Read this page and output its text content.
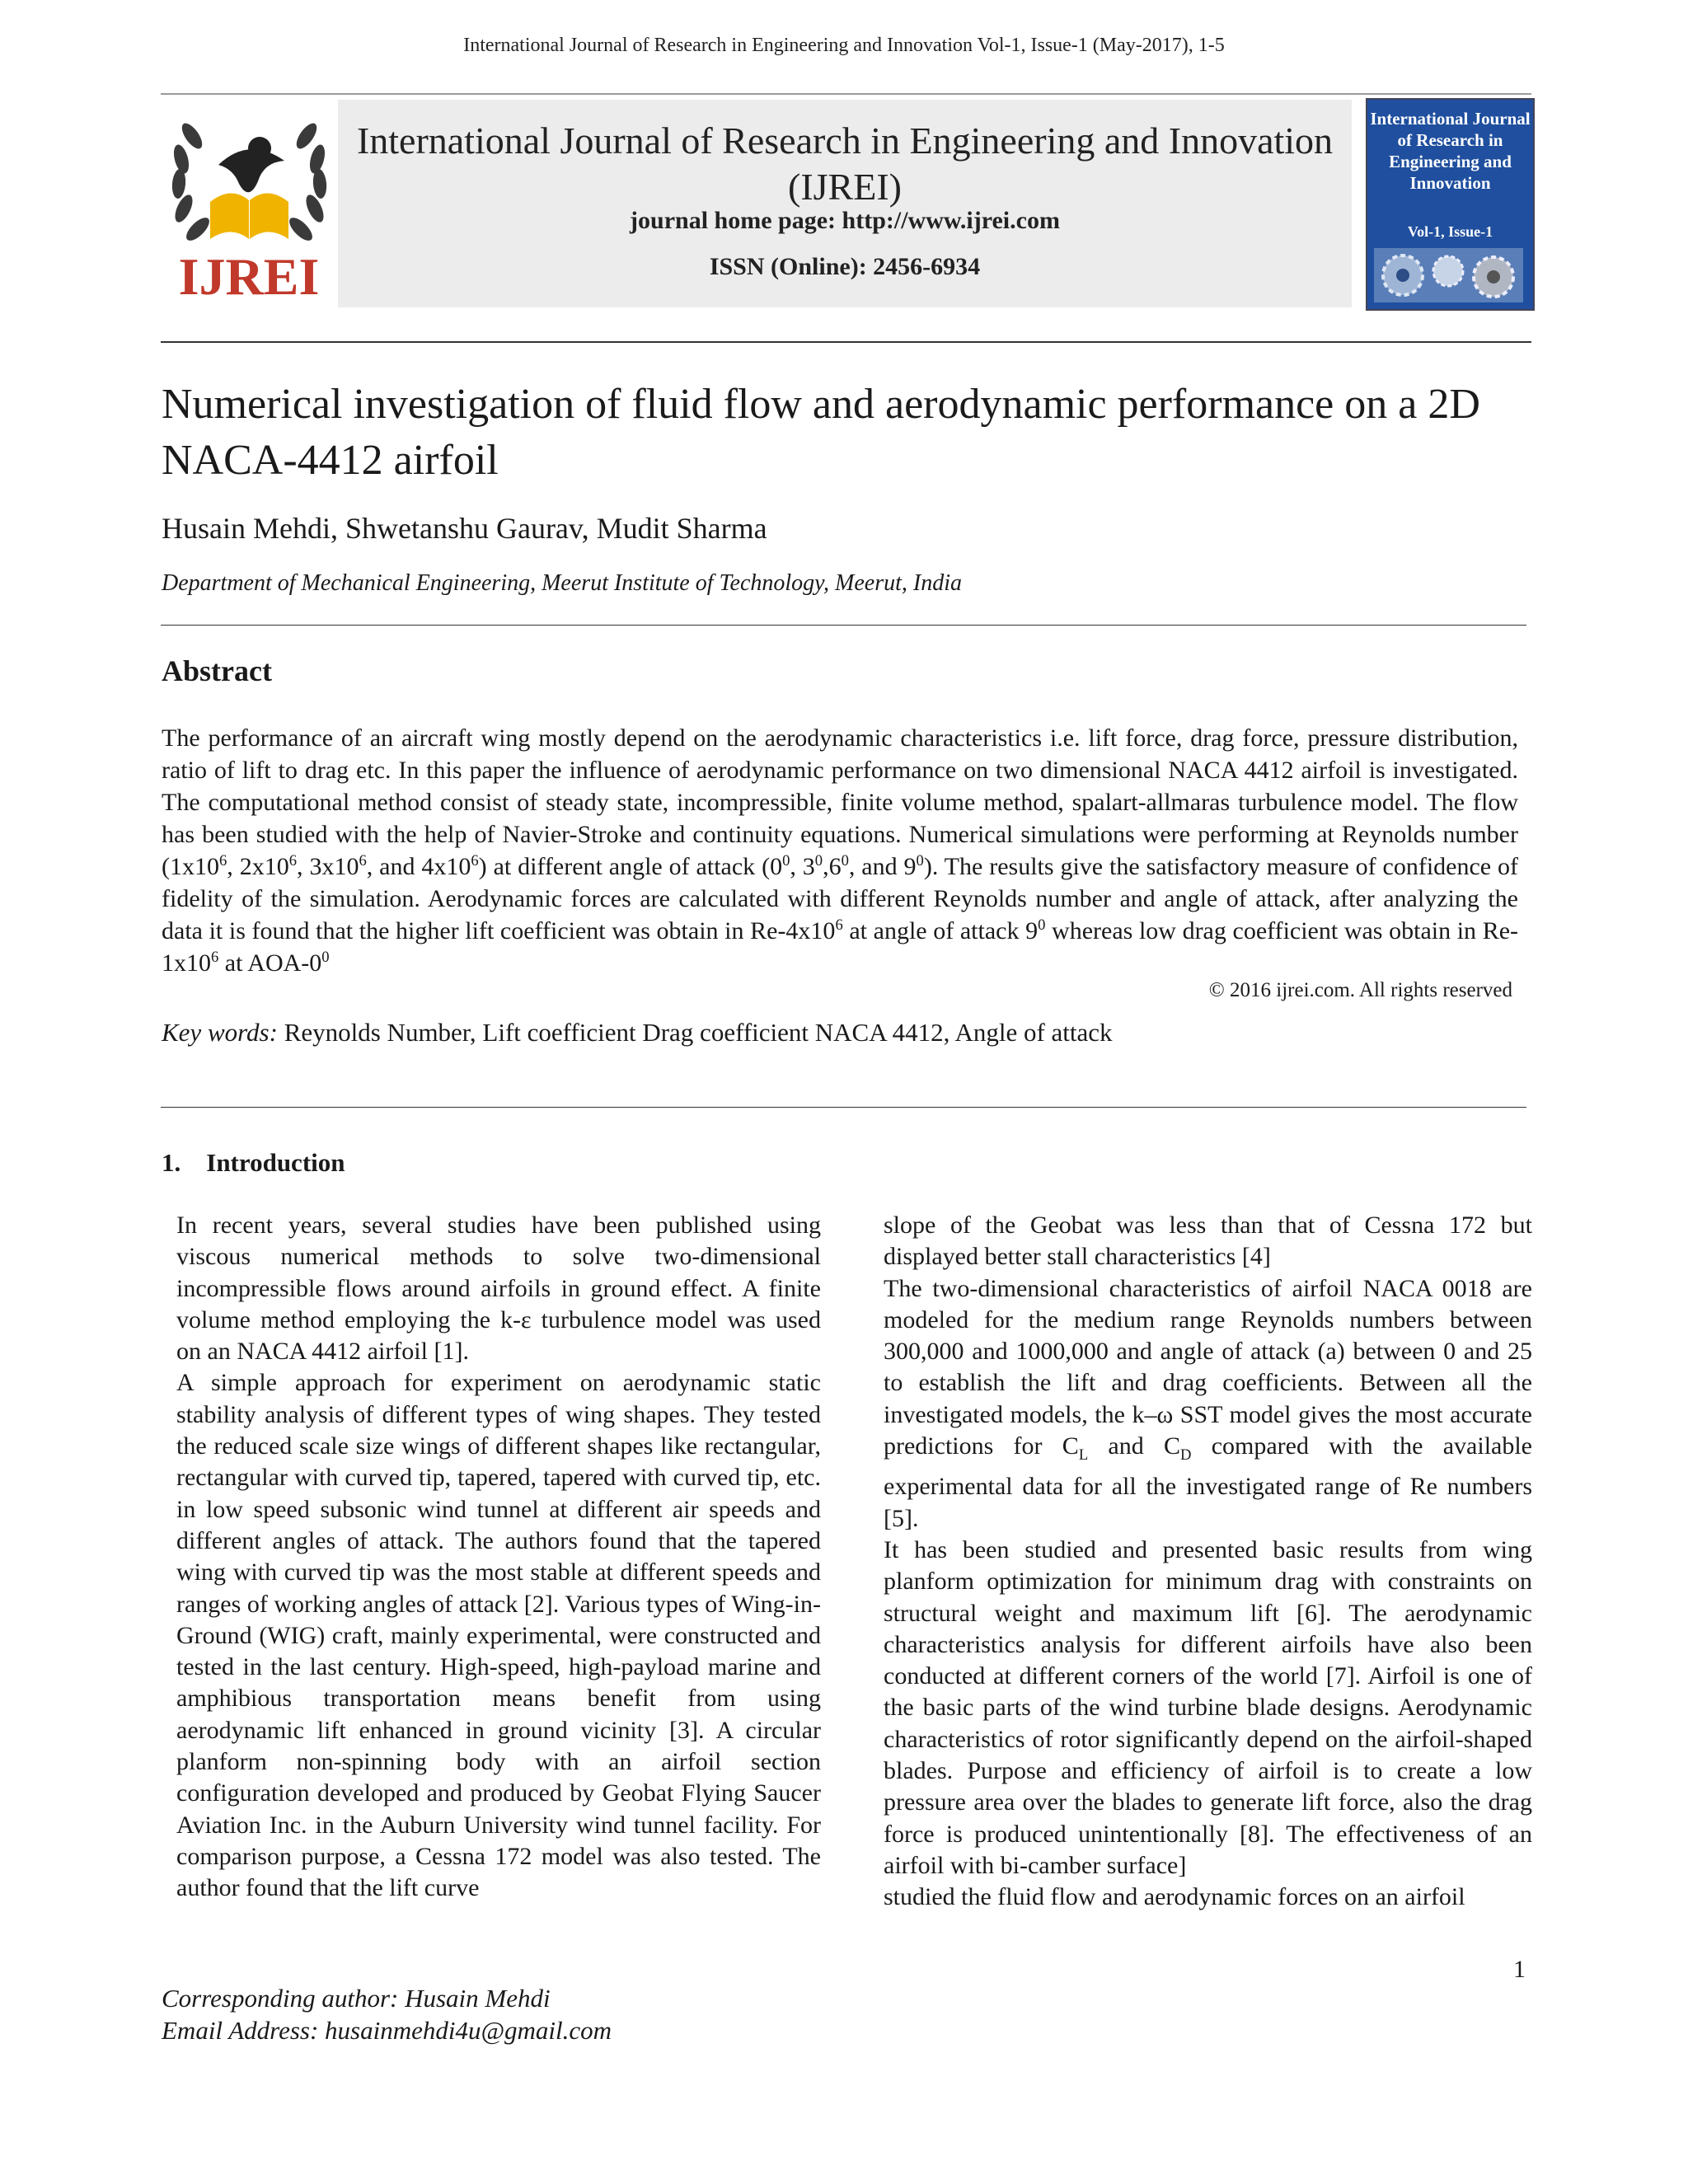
International Journal of Research in Engineering and Innovation Vol-1, Issue-1 (May-2017), 1-5
IJREI
International Journal of Research in Engineering and Innovation
(IJREI)
journal home page: http://www.ijrei.com
ISSN (Online): 2456-6934
International Journal of Research in Engineering and Innovation
Vol-1, Issue-1
Numerical investigation of fluid flow and aerodynamic performance on a 2D NACA-4412 airfoil
Husain Mehdi, Shwetanshu Gaurav, Mudit Sharma
Department of Mechanical Engineering, Meerut Institute of Technology, Meerut, India
Abstract

The performance of an aircraft wing mostly depend on the aerodynamic characteristics i.e. lift force, drag force, pressure distribution, ratio of lift to drag etc. In this paper the influence of aerodynamic performance on two dimensional NACA 4412 airfoil is investigated. The computational method consist of steady state, incompressible, finite volume method, spalart-allmaras turbulence model. The flow has been studied with the help of Navier-Stroke and continuity equations. Numerical simulations were performing at Reynolds number ($1x10^6$, $2x10^6$, $3x10^6$, and $4x10^6$) at different angle of attack ($0^0$, $3^0,6^0$, and $9^0$). The results give the satisfactory measure of confidence of fidelity of the simulation. Aerodynamic forces are calculated with different Reynolds number and angle of attack, after analyzing the data it is found that the higher lift coefficient was obtain in $Re-4x10^6$ at angle of attack $9^0$ whereas low drag coefficient was obtain in $Re-1x10^6$ at AOA-$0^0$

© 2016 ijrei.com. All rights reserved
Key words: Reynolds Number, Lift coefficient Drag coefficient NACA 4412, Angle of attack
1.    Introduction

In recent years, several studies have been published using viscous numerical methods to solve two-dimensional incompressible flows around airfoils in ground effect. A finite volume method employing the k-ε turbulence model was used on an NACA 4412 airfoil [1].

A simple approach for experiment on aerodynamic static stability analysis of different types of wing shapes. They tested the reduced scale size wings of different shapes like rectangular, rectangular with curved tip, tapered, tapered with curved tip, etc. in low speed subsonic wind tunnel at different air speeds and different angles of attack. The authors found that the tapered wing with curved tip was the most stable at different speeds and ranges of working angles of attack [2]. Various types of Wing-in-Ground (WIG) craft, mainly experimental, were constructed and tested in the last century. High-speed, high-payload marine and amphibious transportation means benefit from using aerodynamic lift enhanced in ground vicinity [3]. A circular planform non-spinning body with an airfoil section configuration developed and produced by Geobat Flying Saucer Aviation Inc. in the Auburn University wind tunnel facility. For comparison purpose, a Cessna 172 model was also tested. The author found that the lift curve

slope of the Geobat was less than that of Cessna 172 but displayed better stall characteristics [4]

The two-dimensional characteristics of airfoil NACA 0018 are modeled for the medium range Reynolds numbers between 300,000 and 1000,000 and angle of attack (a) between 0 and 25 to establish the lift and drag coefficients. Between all the investigated models, the k–ω SST model gives the most accurate predictions for $C_L$ and $C_D$ compared with the available experimental data for all the investigated range of Re numbers [5].

It has been studied and presented basic results from wing planform optimization for minimum drag with constraints on structural weight and maximum lift [6]. The aerodynamic characteristics analysis for different airfoils have also been conducted at different corners of the world [7]. Airfoil is one of the basic parts of the wind turbine blade designs. Aerodynamic characteristics of rotor significantly depend on the airfoil-shaped blades. Purpose and efficiency of airfoil is to create a low pressure area over the blades to generate lift force, also the drag force is produced unintentionally [8]. The effectiveness of an airfoil with bi-camber surface]

studied the fluid flow and aerodynamic forces on an airfoil

1
Corresponding author: Husain Mehdi
Email Address: husainmehdi4u@gmail.com
